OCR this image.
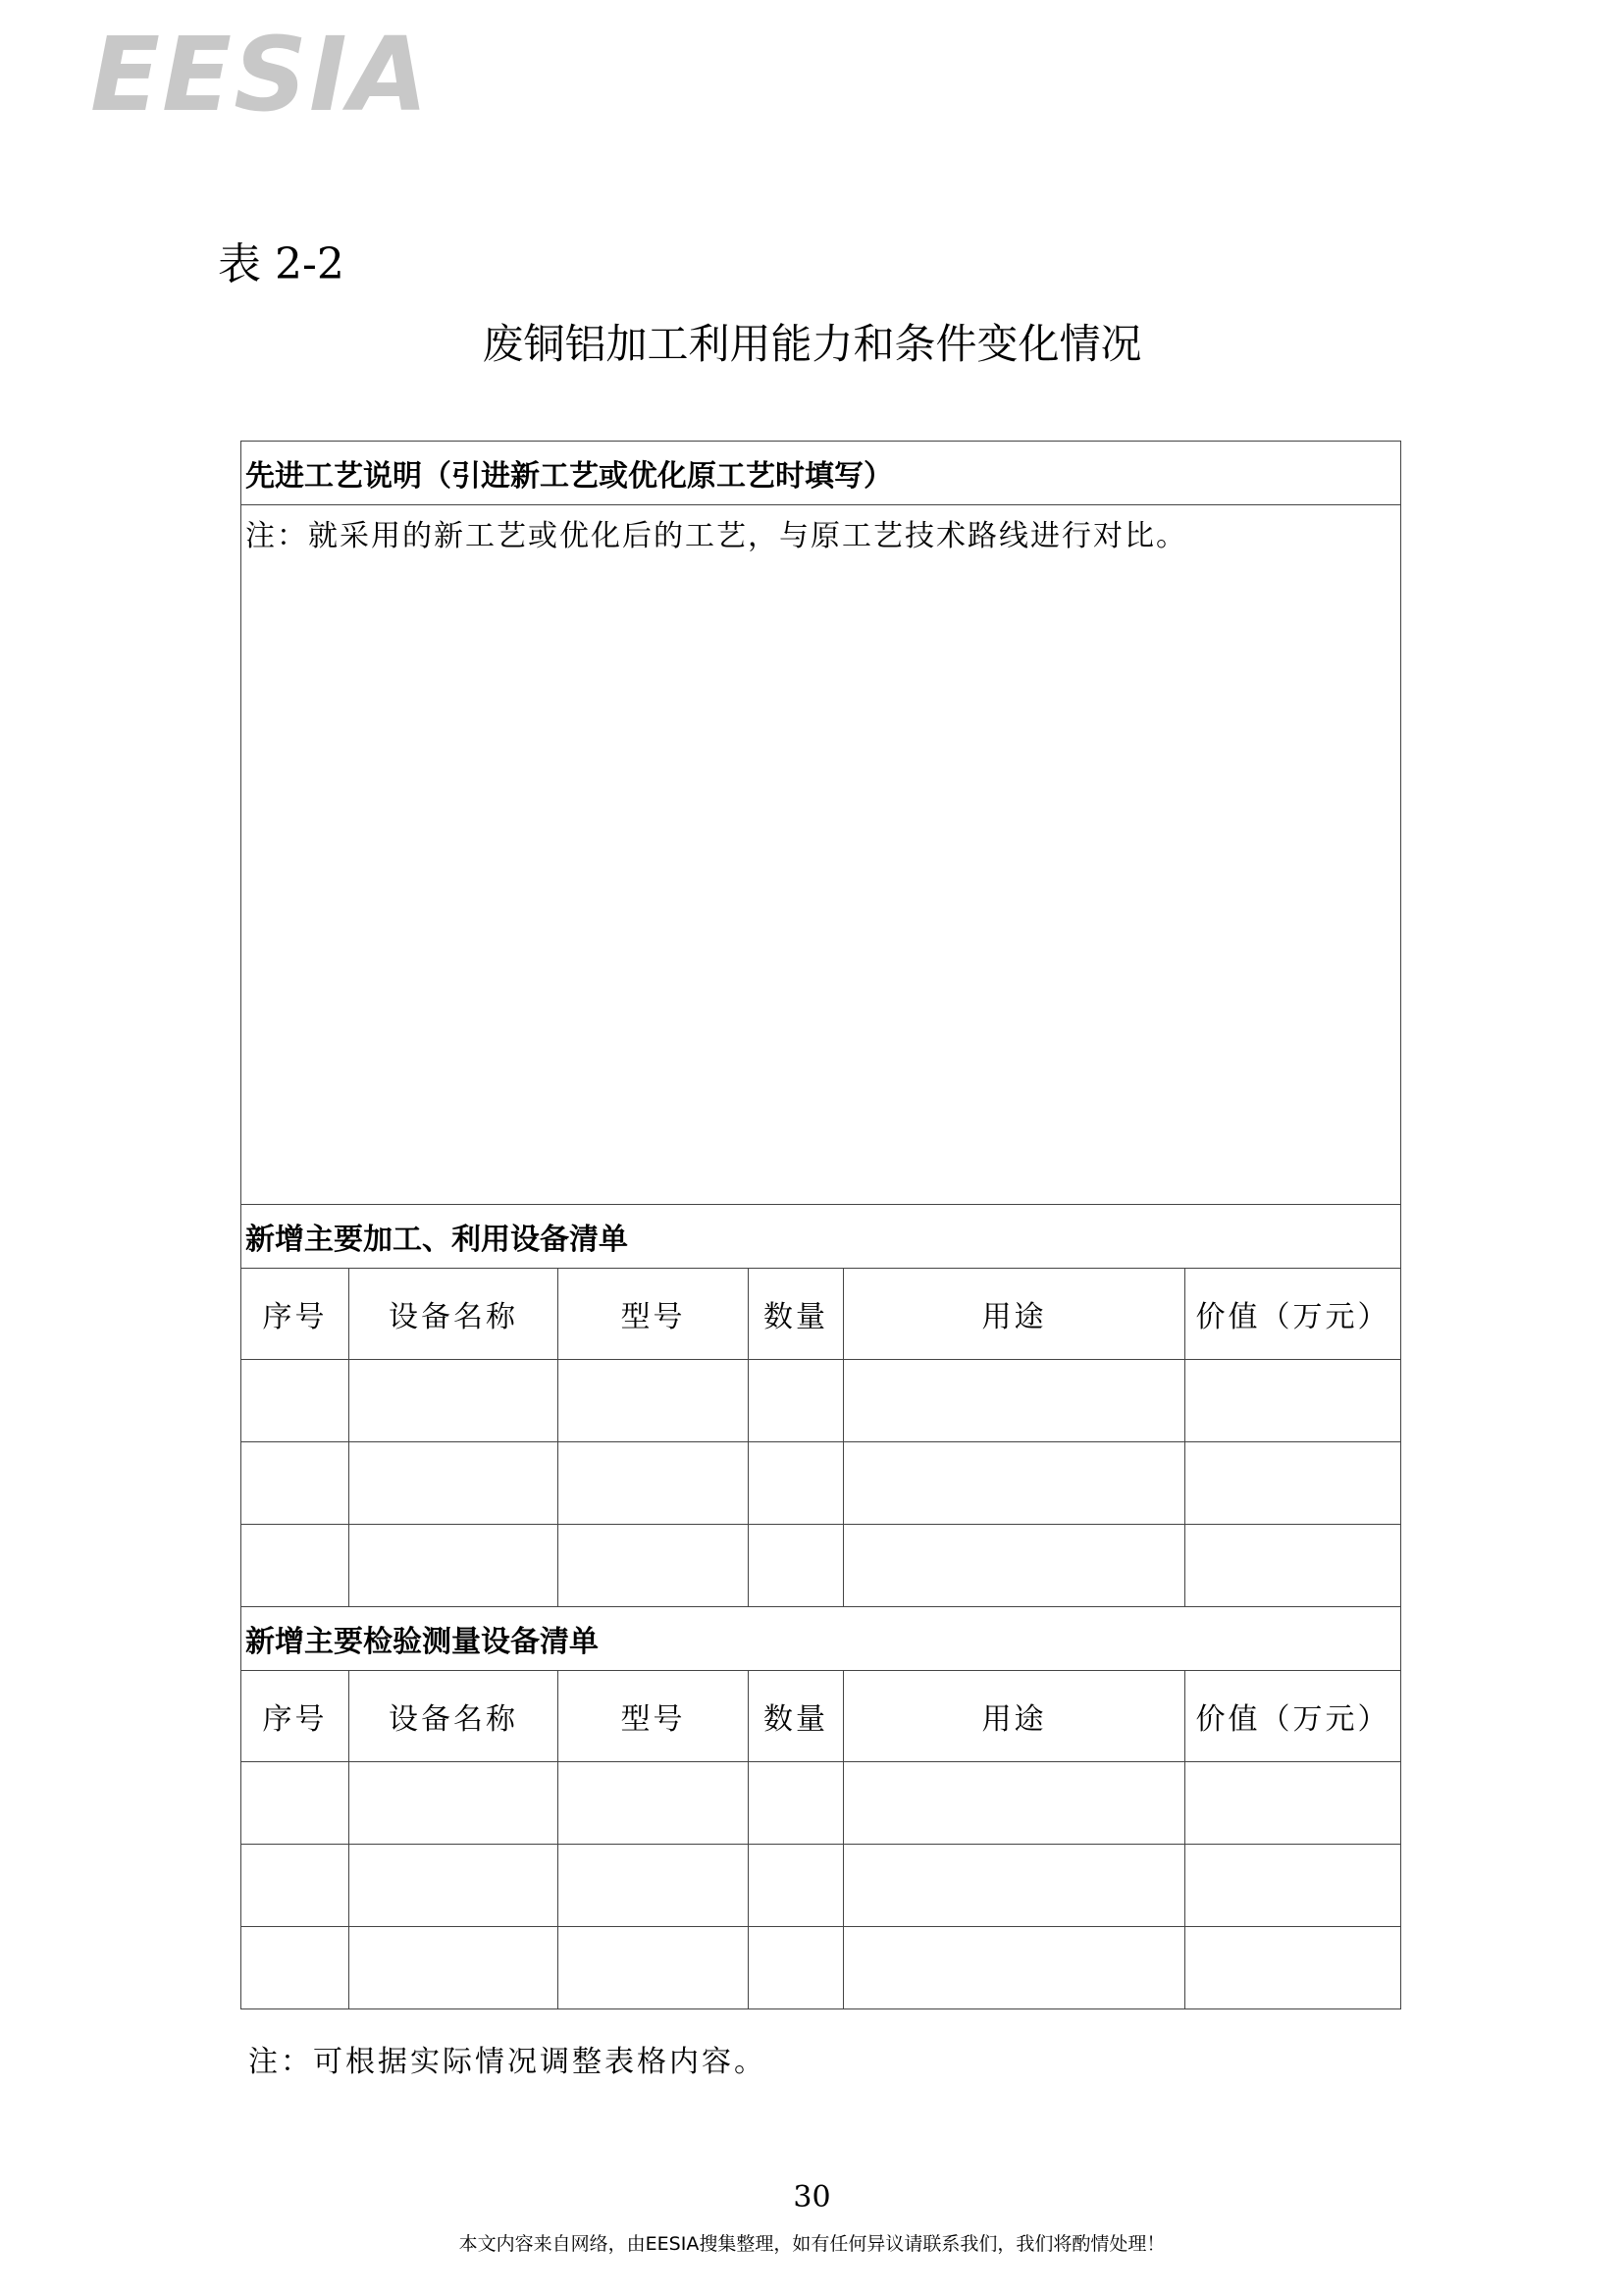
EESIA
表 2-2
废铜铝加工利用能力和条件变化情况
先进工艺说明（引进新工艺或优化原工艺时填写）					
注：就采用的新工艺或优化后的工艺，与原工艺技术路线进行对比。					
新增主要加工、利用设备清单					
序号	设备名称	型号	数量	用途	价值（万元）

新增主要检验测量设备清单					
序号	设备名称	型号	数量	用途	价值（万元）

注：可根据实际情况调整表格内容。
30
本文内容来自网络，由EESIA搜集整理，如有任何异议请联系我们，我们将酌情处理！
